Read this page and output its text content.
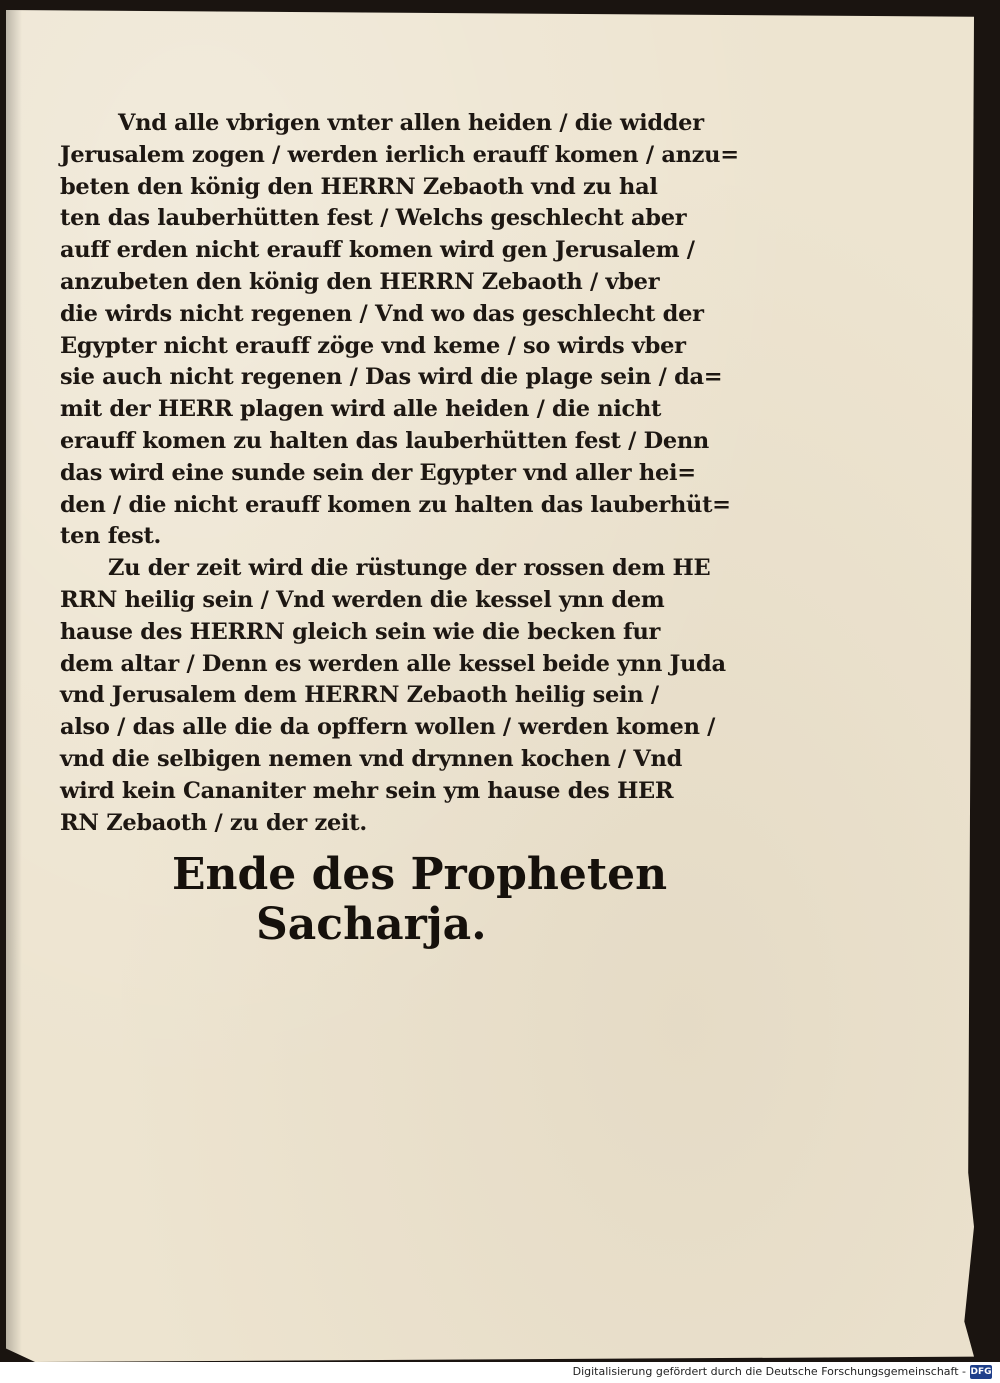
Vnd alle vbrigen vnter allen heiden / die widder
Jerusalem zogen / werden ierlich erauff komen / anzu=
beten den könig den HERRN Zebaoth vnd zu hal
ten das lauberhütten fest / Welchs geschlecht aber
auff erden nicht erauff komen wird gen Jerusalem /
anzubeten den könig den HERRN Zebaoth / vber
die wirds nicht regenen / Vnd wo das geschlecht der
Egypter nicht erauff zöge vnd keme / so wirds vber
sie auch nicht regenen / Das wird die plage sein / da=
mit der HERR plagen wird alle heiden / die nicht
erauff komen zu halten das lauberhütten fest / Denn
das wird eine sunde sein der Egypter vnd aller hei=
den / die nicht erauff komen zu halten das lauberhüt=
ten fest.
Zu der zeit wird die rüstunge der rossen dem HE
RRN heilig sein / Vnd werden die kessel ynn dem
hause des HERRN gleich sein wie die becken fur
dem altar / Denn es werden alle kessel beide ynn Juda
vnd Jerusalem dem HERRN Zebaoth heilig sein /
also / das alle die da opffern wollen / werden komen /
vnd die selbigen nemen vnd drynnen kochen / Vnd
wird kein Cananiter mehr sein ym hause des HER
RN Zebaoth / zu der zeit.
Ende des Propheten
Sacharja.
Digitalisierung gefördert durch die Deutsche Forschungsgemeinschaft - DFG
